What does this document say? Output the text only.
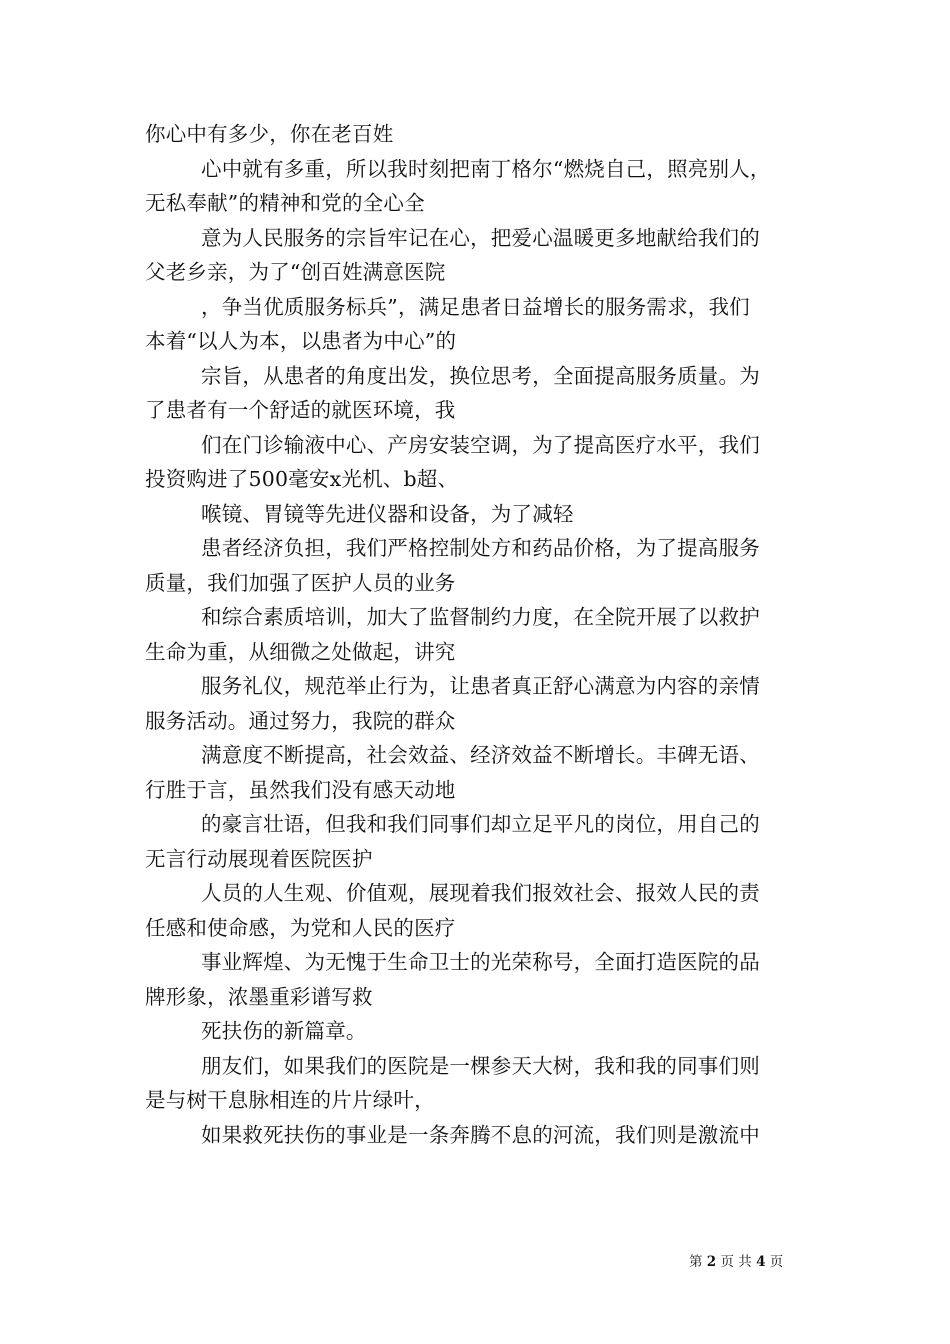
你心中有多少，你在老百姓

心中就有多重，所以我时刻把南丁格尔“燃烧自己，照亮别人，

无私奉献”的精神和党的全心全

意为人民服务的宗旨牢记在心，把爱心温暖更多地献给我们的

父老乡亲，为了“创百姓满意医院

，争当优质服务标兵”，满足患者日益增长的服务需求，我们

本着“以人为本，以患者为中心”的

宗旨，从患者的角度出发，换位思考，全面提高服务质量。为

了患者有一个舒适的就医环境，我

们在门诊输液中心、产房安装空调，为了提高医疗水平，我们

投资购进了500毫安x光机、b超、

喉镜、胃镜等先进仪器和设备，为了减轻

患者经济负担，我们严格控制处方和药品价格，为了提高服务

质量，我们加强了医护人员的业务

和综合素质培训，加大了监督制约力度，在全院开展了以救护

生命为重，从细微之处做起，讲究

服务礼仪，规范举止行为，让患者真正舒心满意为内容的亲情

服务活动。通过努力，我院的群众

满意度不断提高，社会效益、经济效益不断增长。丰碑无语、

行胜于言，虽然我们没有感天动地

的豪言壮语，但我和我们同事们却立足平凡的岗位，用自己的

无言行动展现着医院医护

人员的人生观、价值观，展现着我们报效社会、报效人民的责

任感和使命感，为党和人民的医疗

事业辉煌、为无愧于生命卫士的光荣称号，全面打造医院的品

牌形象，浓墨重彩谱写救

死扶伤的新篇章。

朋友们，如果我们的医院是一棵参天大树，我和我的同事们则

是与树干息脉相连的片片绿叶，

如果救死扶伤的事业是一条奔腾不息的河流，我们则是激流中

第 2 页 共 4 页
